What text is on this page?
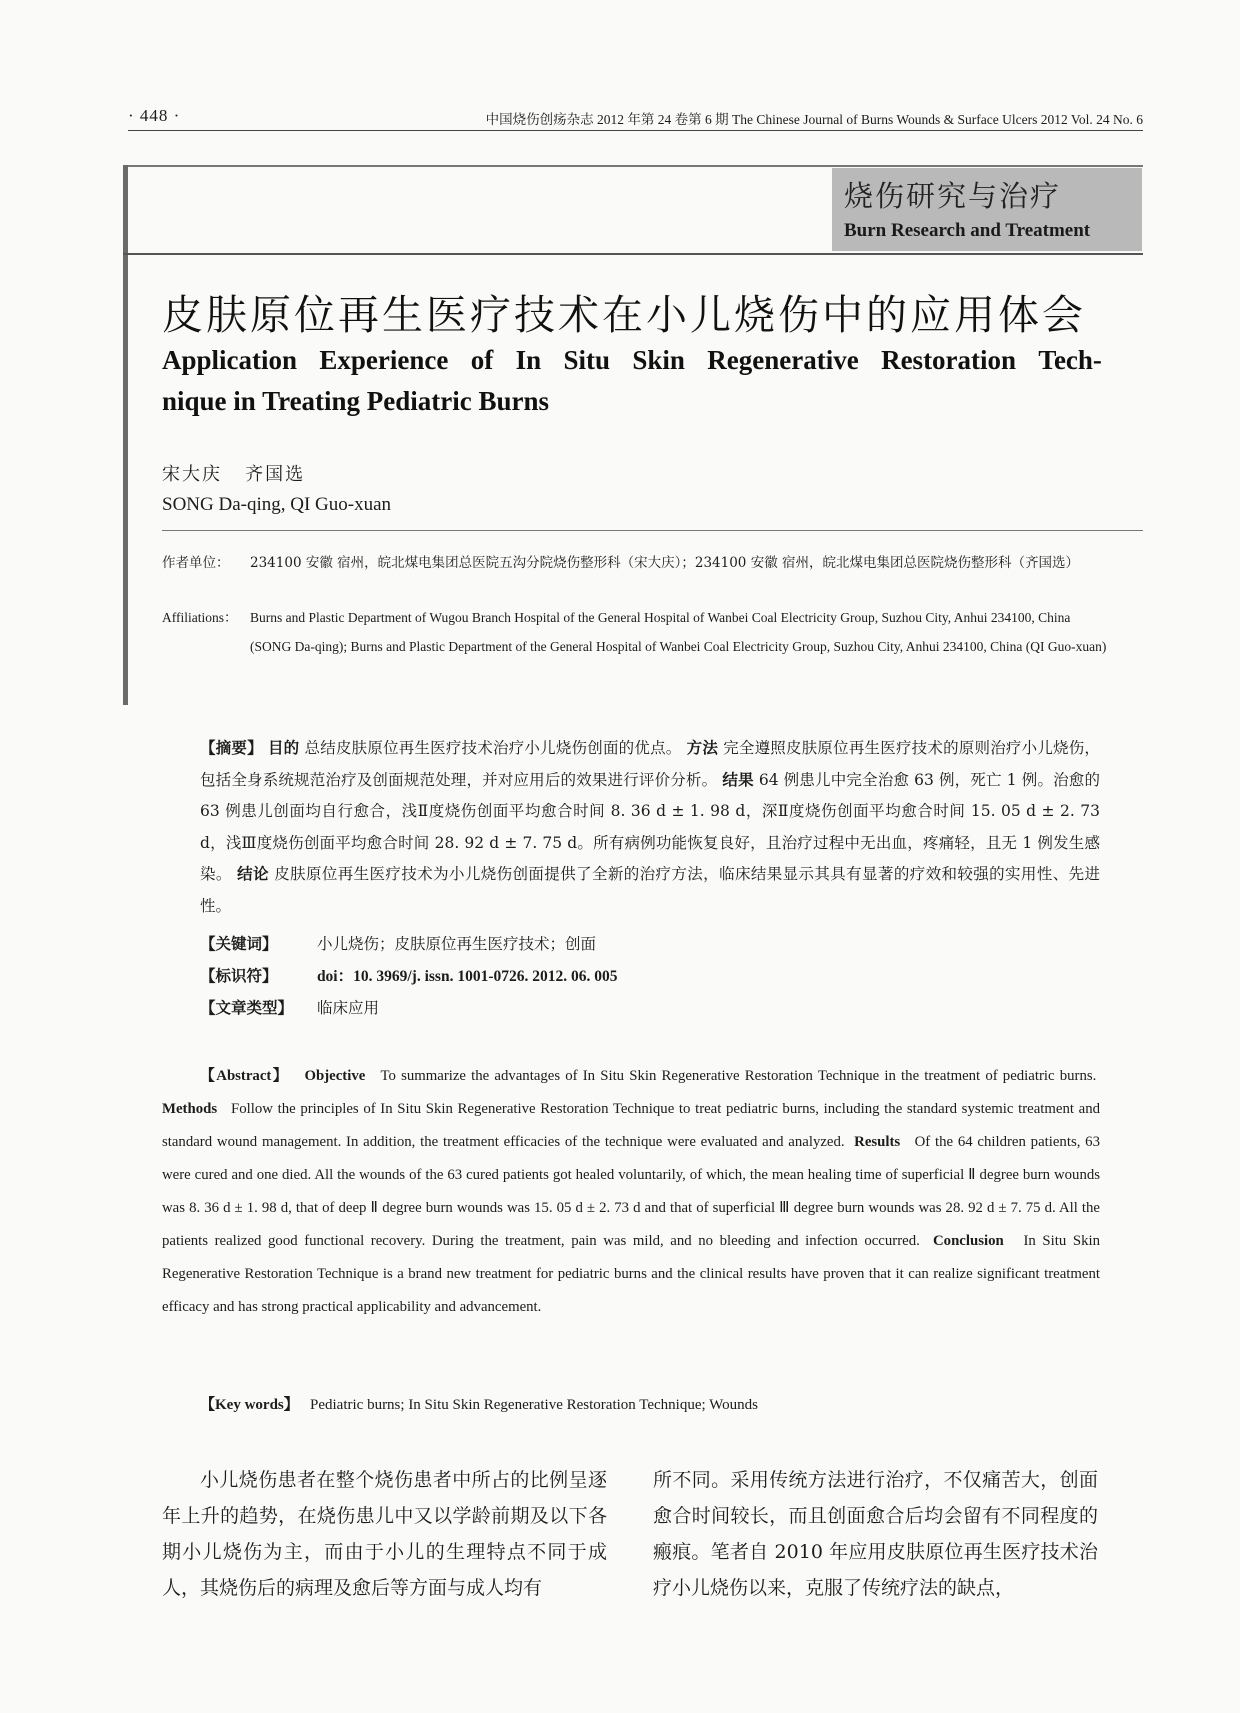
· 448 ·	中国烧伤创疡杂志 2012 年第 24 卷第 6 期 The Chinese Journal of Burns Wounds & Surface Ulcers 2012 Vol. 24 No. 6
烧伤研究与治疗
Burn Research and Treatment
皮肤原位再生医疗技术在小儿烧伤中的应用体会
Application Experience of In Situ Skin Regenerative Restoration Tech-
nique in Treating Pediatric Burns
宋大庆   齐国选
SONG Da-qing, QI Guo-xuan
作者单位： 234100 安徽 宿州，皖北煤电集团总医院五沟分院烧伤整形科（宋大庆）；234100 安徽 宿州，皖北煤电集团总医院烧伤整形科（齐国选）
Affiliations： Burns and Plastic Department of Wugou Branch Hospital of the General Hospital of Wanbei Coal Electricity Group, Suzhou City, Anhui 234100, China (SONG Da-qing); Burns and Plastic Department of the General Hospital of Wanbei Coal Electricity Group, Suzhou City, Anhui 234100, China (QI Guo-xuan)
【摘要】 目的 总结皮肤原位再生医疗技术治疗小儿烧伤创面的优点。 方法 完全遵照皮肤原位再生医疗技术的原则治疗小儿烧伤，包括全身系统规范治疗及创面规范处理，并对应用后的效果进行评价分析。 结果 64 例患儿中完全治愈 63 例，死亡 1 例。治愈的 63 例患儿创面均自行愈合，浅Ⅱ度烧伤创面平均愈合时间 8. 36 d ± 1. 98 d，深Ⅱ度烧伤创面平均愈合时间 15. 05 d ± 2. 73 d，浅Ⅲ度烧伤创面平均愈合时间 28. 92 d ± 7. 75 d。所有病例功能恢复良好，且治疗过程中无出血，疼痛轻，且无 1 例发生感染。 结论 皮肤原位再生医疗技术为小儿烧伤创面提供了全新的治疗方法，临床结果显示其具有显著的疗效和较强的实用性、先进性。
【关键词】	小儿烧伤；皮肤原位再生医疗技术；创面
【标识符】	doi：10. 3969/j. issn. 1001-0726. 2012. 06. 005
【文章类型】 临床应用
【Abstract】 Objective To summarize the advantages of In Situ Skin Regenerative Restoration Technique in the treatment of pediatric burns.  Methods Follow the principles of In Situ Skin Regenerative Restoration Technique to treat pediatric burns, including the standard systemic treatment and standard wound management. In addition, the treatment efficacies of the technique were evaluated and analyzed. Results Of the 64 children patients, 63 were cured and one died. All the wounds of the 63 cured patients got healed voluntarily, of which, the mean healing time of superficial Ⅱ degree burn wounds was 8. 36 d ± 1. 98 d, that of deep Ⅱ degree burn wounds was 15. 05 d ± 2. 73 d and that of superficial Ⅲ degree burn wounds was 28. 92 d ± 7. 75 d. All the patients realized good functional recovery. During the treatment, pain was mild, and no bleeding and infection occurred. Conclusion In Situ Skin Regenerative Restoration Technique is a brand new treatment for pediatric burns and the clinical results have proven that it can realize significant treatment efficacy and has strong practical applicability and advancement.
【Key words】 Pediatric burns; In Situ Skin Regenerative Restoration Technique; Wounds
小儿烧伤患者在整个烧伤患者中所占的比例呈逐年上升的趋势，在烧伤患儿中又以学龄前期及以下各期小儿烧伤为主，而由于小儿的生理特点不同于成人，其烧伤后的病理及愈后等方面与成人均有
所不同。采用传统方法进行治疗，不仅痛苦大，创面愈合时间较长，而且创面愈合后均会留有不同程度的瘢痕。笔者自 2010 年应用皮肤原位再生医疗技术治疗小儿烧伤以来，克服了传统疗法的缺点，
